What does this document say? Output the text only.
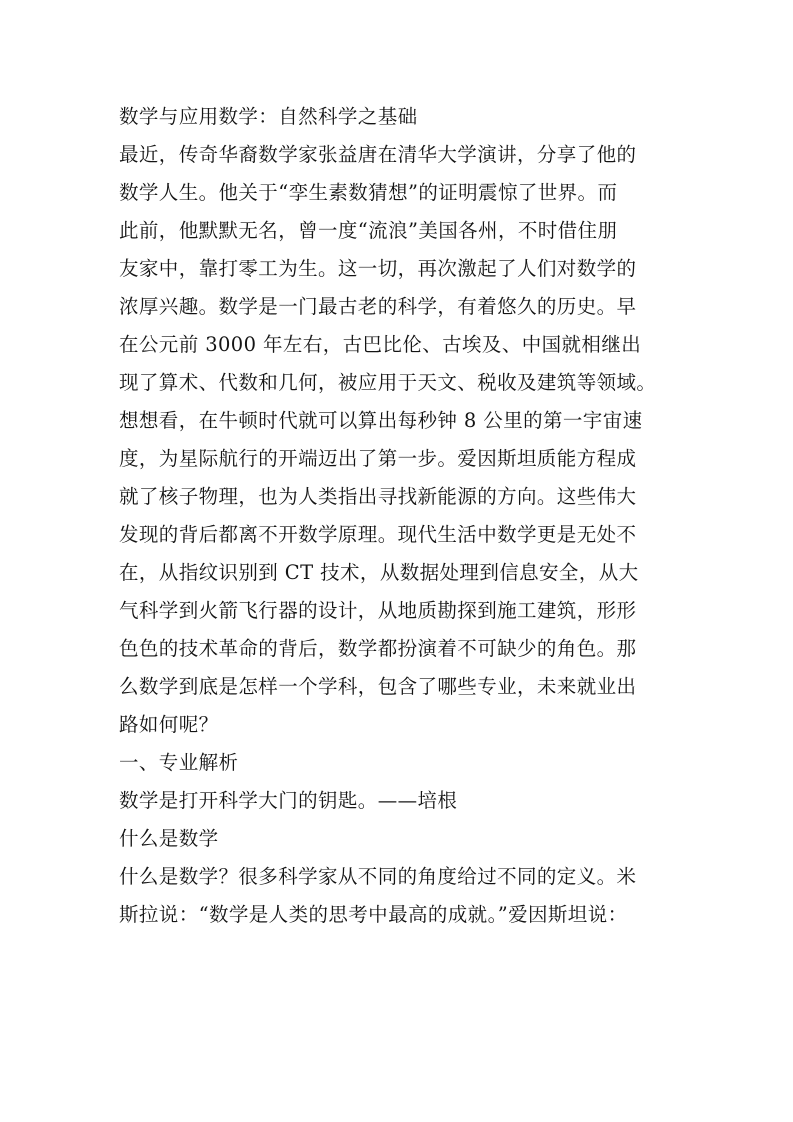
数学与应用数学：自然科学之基础
最近，传奇华裔数学家张益唐在清华大学演讲，分享了他的
数学人生。他关于“孪生素数猜想”的证明震惊了世界。而
此前，他默默无名，曾一度“流浪”美国各州，不时借住朋
友家中，靠打零工为生。这一切，再次激起了人们对数学的
浓厚兴趣。数学是一门最古老的科学，有着悠久的历史。早
在公元前 3000 年左右，古巴比伦、古埃及、中国就相继出
现了算术、代数和几何，被应用于天文、税收及建筑等领域。
想想看，在牛顿时代就可以算出每秒钟 8 公里的第一宇宙速
度，为星际航行的开端迈出了第一步。爱因斯坦质能方程成
就了核子物理，也为人类指出寻找新能源的方向。这些伟大
发现的背后都离不开数学原理。现代生活中数学更是无处不
在，从指纹识别到 CT 技术，从数据处理到信息安全，从大
气科学到火箭飞行器的设计，从地质勘探到施工建筑，形形
色色的技术革命的背后，数学都扮演着不可缺少的角色。那
么数学到底是怎样一个学科，包含了哪些专业，未来就业出
路如何呢？
一、专业解析
数学是打开科学大门的钥匙。——培根
什么是数学
什么是数学？很多科学家从不同的角度给过不同的定义。米
斯拉说：“数学是人类的思考中最高的成就。”爱因斯坦说：
